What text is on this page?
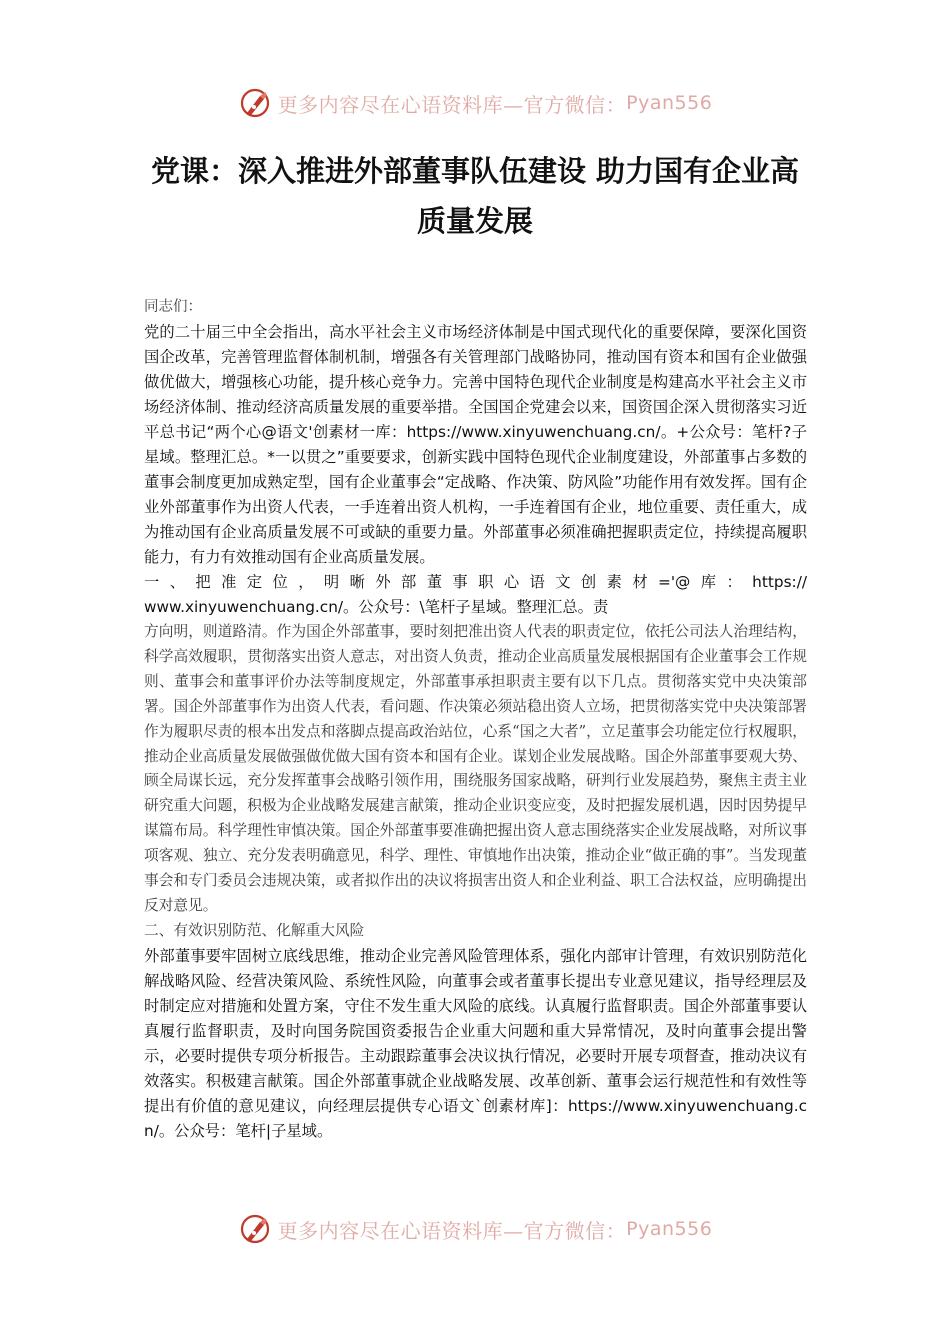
更多内容尽在心语资料库—官方微信： Pyan556
党课：深入推进外部董事队伍建设 助力国有企业高
质量发展

同志们：

党的二十届三中全会指出，高水平社会主义市场经济体制是中国式现代化的重要保障，要深化国资国企改革，完善管理监督体制机制，增强各有关管理部门战略协同，推动国有资本和国有企业做强做优做大，增强核心功能，提升核心竞争力。完善中国特色现代企业制度是构建高水平社会主义市场经济体制、推动经济高质量发展的重要举措。全国国企党建会以来，国资国企深入贯彻落实习近平总书记“两个心@语文'创素材一库：https://www.xinyuwenchuang.cn/。+公众号：笔杆?子星域。整理汇总。*一以贯之”重要要求，创新实践中国特色现代企业制度建设，外部董事占多数的董事会制度更加成熟定型，国有企业董事会“定战略、作决策、防风险”功能作用有效发挥。国有企业外部董事作为出资人代表，一手连着出资人机构，一手连着国有企业，地位重要、责任重大，成为推动国有企业高质量发展不可或缺的重要力量。外部董事必须准确把握职责定位，持续提高履职能力，有力有效推动国有企业高质量发展。

一、把准定位，明晰外部董事职心语文创素材='@库：https://

www.xinyuwenchuang.cn/。公众号：\笔杆子星域。整理汇总。责

方向明，则道路清。作为国企外部董事，要时刻把准出资人代表的职责定位，依托公司法人治理结构，科学高效履职，贯彻落实出资人意志，对出资人负责，推动企业高质量发展根据国有企业董事会工作规则、董事会和董事评价办法等制度规定，外部董事承担职责主要有以下几点。贯彻落实党中央决策部署。国企外部董事作为出资人代表，看问题、作决策必须站稳出资人立场，把贯彻落实党中央决策部署作为履职尽责的根本出发点和落脚点提高政治站位，心系“国之大者”，立足董事会功能定位行权履职，推动企业高质量发展做强做优做大国有资本和国有企业。谋划企业发展战略。国企外部董事要观大势、顾全局谋长远，充分发挥董事会战略引领作用，围绕服务国家战略，研判行业发展趋势，聚焦主责主业研究重大问题，积极为企业战略发展建言献策，推动企业识变应变，及时把握发展机遇，因时因势提早谋篇布局。科学理性审慎决策。国企外部董事要准确把握出资人意志围绕落实企业发展战略，对所议事项客观、独立、充分发表明确意见，科学、理性、审慎地作出决策，推动企业“做正确的事”。当发现董事会和专门委员会违规决策，或者拟作出的决议将损害出资人和企业利益、职工合法权益，应明确提出反对意见。

二、有效识别防范、化解重大风险

外部董事要牢固树立底线思维，推动企业完善风险管理体系，强化内部审计管理，有效识别防范化解战略风险、经营决策风险、系统性风险，向董事会或者董事长提出专业意见建议，指导经理层及时制定应对措施和处置方案，守住不发生重大风险的底线。认真履行监督职责。国企外部董事要认真履行监督职责，及时向国务院国资委报告企业重大问题和重大异常情况，及时向董事会提出警示，必要时提供专项分析报告。主动跟踪董事会决议执行情况，必要时开展专项督查，推动决议有效落实。积极建言献策。国企外部董事就企业战略发展、改革创新、董事会运行规范性和有效性等提出有价值的意见建议，向经理层提供专心语文`创素材库]：https://www.xinyuwenchuang.cn/。公众号：笔杆|子星域。

更多内容尽在心语资料库—官方微信： Pyan556
